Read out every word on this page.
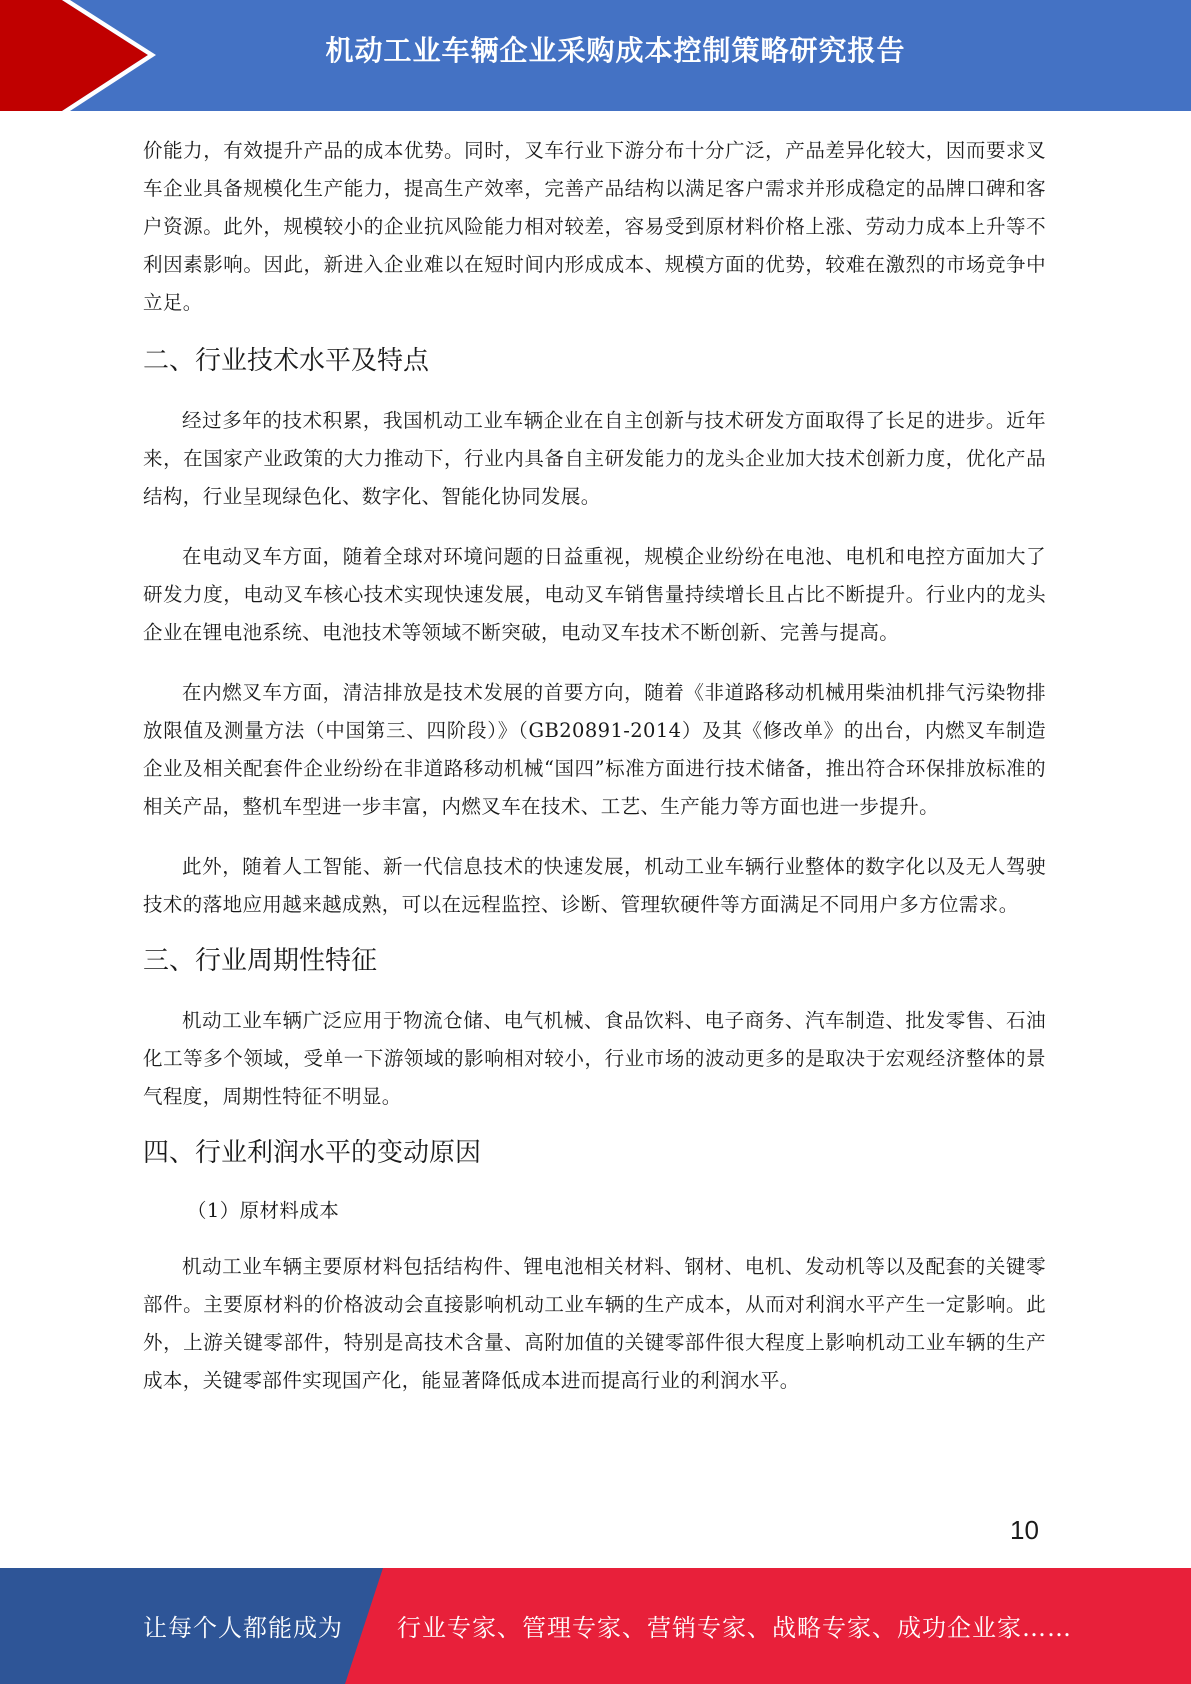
机动工业车辆企业采购成本控制策略研究报告

价能力，有效提升产品的成本优势。同时，叉车行业下游分布十分广泛，产品差异化较大，因而要求叉车企业具备规模化生产能力，提高生产效率，完善产品结构以满足客户需求并形成稳定的品牌口碑和客户资源。此外，规模较小的企业抗风险能力相对较差，容易受到原材料价格上涨、劳动力成本上升等不利因素影响。因此，新进入企业难以在短时间内形成成本、规模方面的优势，较难在激烈的市场竞争中立足。

二、行业技术水平及特点

经过多年的技术积累，我国机动工业车辆企业在自主创新与技术研发方面取得了长足的进步。近年来，在国家产业政策的大力推动下，行业内具备自主研发能力的龙头企业加大技术创新力度，优化产品结构，行业呈现绿色化、数字化、智能化协同发展。

在电动叉车方面，随着全球对环境问题的日益重视，规模企业纷纷在电池、电机和电控方面加大了研发力度，电动叉车核心技术实现快速发展，电动叉车销售量持续增长且占比不断提升。行业内的龙头企业在锂电池系统、电池技术等领域不断突破，电动叉车技术不断创新、完善与提高。

在内燃叉车方面，清洁排放是技术发展的首要方向，随着《非道路移动机械用柴油机排气污染物排放限值及测量方法（中国第三、四阶段）》（GB20891-2014）及其《修改单》的出台，内燃叉车制造企业及相关配套件企业纷纷在非道路移动机械“国四”标准方面进行技术储备，推出符合环保排放标准的相关产品，整机车型进一步丰富，内燃叉车在技术、工艺、生产能力等方面也进一步提升。

此外，随着人工智能、新一代信息技术的快速发展，机动工业车辆行业整体的数字化以及无人驾驶技术的落地应用越来越成熟，可以在远程监控、诊断、管理软硬件等方面满足不同用户多方位需求。

三、行业周期性特征

机动工业车辆广泛应用于物流仓储、电气机械、食品饮料、电子商务、汽车制造、批发零售、石油化工等多个领域，受单一下游领域的影响相对较小，行业市场的波动更多的是取决于宏观经济整体的景气程度，周期性特征不明显。

四、行业利润水平的变动原因

（1）原材料成本

机动工业车辆主要原材料包括结构件、锂电池相关材料、钢材、电机、发动机等以及配套的关键零部件。主要原材料的价格波动会直接影响机动工业车辆的生产成本，从而对利润水平产生一定影响。此外，上游关键零部件，特别是高技术含量、高附加值的关键零部件很大程度上影响机动工业车辆的生产成本，关键零部件实现国产化，能显著降低成本进而提高行业的利润水平。

10
让每个人都能成为 行业专家、管理专家、营销专家、战略专家、成功企业家……
